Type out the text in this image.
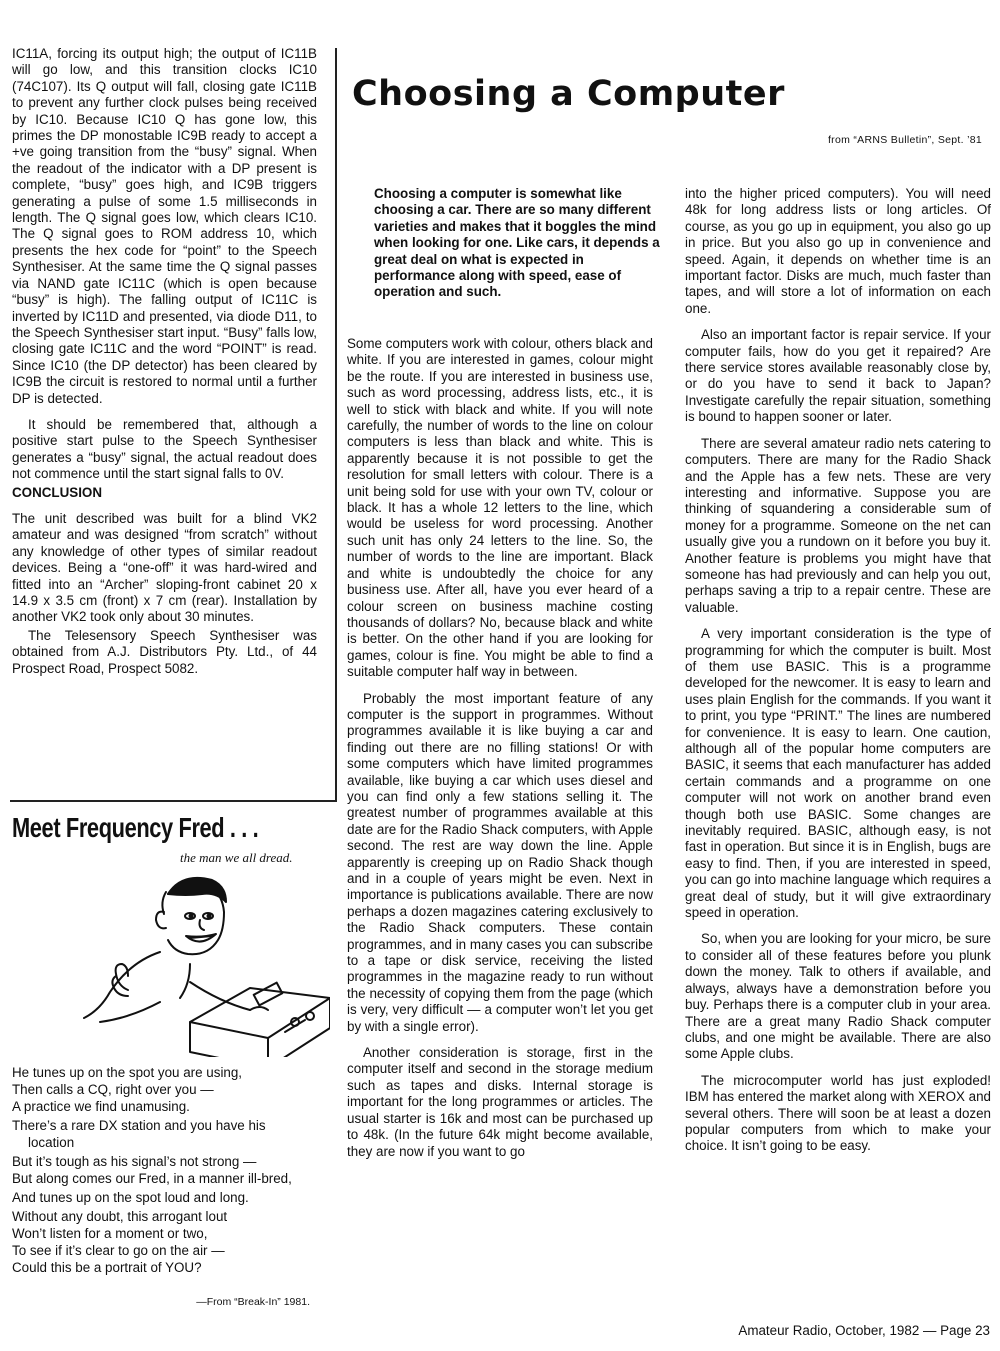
IC11A, forcing its output high; the output of IC11B will go low, and this transition clocks IC10 (74C107). Its Q output will fall, closing gate IC11B to prevent any further clock pulses being received by IC10. Because IC10 Q has gone low, this primes the DP monostable IC9B ready to accept a +ve going transition from the “busy” signal. When the readout of the indicator with a DP present is complete, “busy” goes high, and IC9B triggers generating a pulse of some 1.5 milliseconds in length. The Q signal goes low, which clears IC10. The Q signal goes to ROM address 10, which presents the hex code for “point” to the Speech Synthesiser. At the same time the Q signal passes via NAND gate IC11C (which is open because “busy” is high). The falling output of IC11C is inverted by IC11D and presented, via diode D11, to the Speech Synthesiser start input. “Busy” falls low, closing gate IC11C and the word “POINT” is read. Since IC10 (the DP detector) has been cleared by IC9B the circuit is restored to normal until a further DP is detected.

It should be remembered that, although a positive start pulse to the Speech Synthesiser generates a “busy” signal, the actual readout does not commence until the start signal falls to 0V.

CONCLUSION

The unit described was built for a blind VK2 amateur and was designed “from scratch” without any knowledge of other types of similar readout devices. Being a “one-off” it was hard-wired and fitted into an “Archer” sloping-front cabinet 20 x 14.9 x 3.5 cm (front) x 7 cm (rear). Installation by another VK2 took only about 30 minutes.

The Telesensory Speech Synthesiser was obtained from A.J. Distributors Pty. Ltd., of 44 Prospect Road, Prospect 5082.

Meet Frequency Fred . . .
the man we all dread.
He tunes up on the spot you are using,
Then calls a CQ, right over you —
A practice we find unamusing.
There’s a rare DX station and you have his location
But it’s tough as his signal’s not strong —
But along comes our Fred, in a manner ill-bred,
And tunes up on the spot loud and long.
Without any doubt, this arrogant lout
Won’t listen for a moment or two,
To see if it’s clear to go on the air —
Could this be a portrait of YOU?
—From “Break-In” 1981.
Choosing a Computer
from “ARNS Bulletin”, Sept. ’81
Choosing a computer is somewhat like choosing a car. There are so many different varieties and makes that it boggles the mind when looking for one. Like cars, it depends a great deal on what is expected in performance along with speed, ease of operation and such.

Some computers work with colour, others black and white. If you are interested in games, colour might be the route. If you are interested in business use, such as word processing, address lists, etc., it is well to stick with black and white. If you will note carefully, the number of words to the line on colour computers is less than black and white. This is apparently because it is not possible to get the resolution for small letters with colour. There is a unit being sold for use with your own TV, colour or black. It has a whole 12 letters to the line, which would be useless for word processing. Another such unit has only 24 letters to the line. So, the number of words to the line are important. Black and white is undoubtedly the choice for any business use. After all, have you ever heard of a colour screen on business machine costing thousands of dollars? No, because black and white is better. On the other hand if you are looking for games, colour is fine. You might be able to find a suitable computer half way in between.

Probably the most important feature of any computer is the support in programmes. Without programmes available it is like buying a car and finding out there are no filling stations! Or with some computers which have limited programmes available, like buying a car which uses diesel and you can find only a few stations selling it. The greatest number of programmes available at this date are for the Radio Shack computers, with Apple second. The rest are way down the line. Apple apparently is creeping up on Radio Shack though and in a couple of years might be even. Next in importance is publications available. There are now perhaps a dozen magazines catering exclusively to the Radio Shack computers. These contain programmes, and in many cases you can subscribe to a tape or disk service, receiving the listed programmes in the magazine ready to run without the necessity of copying them from the page (which is very, very difficult — a computer won’t let you get by with a single error).

Another consideration is storage, first in the computer itself and second in the storage medium such as tapes and disks. Internal storage is important for the long programmes or articles. The usual starter is 16k and most can be purchased up to 48k. (In the future 64k might become available, they are now if you want to go

into the higher priced computers). You will need 48k for long address lists or long articles. Of course, as you go up in equipment, you also go up in price. But you also go up in convenience and speed. Again, it depends on whether time is an important factor. Disks are much, much faster than tapes, and will store a lot of information on each one.

Also an important factor is repair service. If your computer fails, how do you get it repaired? Are there service stores available reasonably close by, or do you have to send it back to Japan? Investigate carefully the repair situation, something is bound to happen sooner or later.

There are several amateur radio nets catering to computers. There are many for the Radio Shack and the Apple has a few nets. These are very interesting and informative. Suppose you are thinking of squandering a considerable sum of money for a programme. Someone on the net can usually give you a rundown on it before you buy it. Another feature is problems you might have that someone has had previously and can help you out, perhaps saving a trip to a repair centre. These are valuable.

A very important consideration is the type of programming for which the computer is built. Most of them use BASIC. This is a programme developed for the newcomer. It is easy to learn and uses plain English for the commands. If you want it to print, you type “PRINT.” The lines are numbered for convenience. It is easy to learn. One caution, although all of the popular home computers are BASIC, it seems that each manufacturer has added certain commands and a programme on one computer will not work on another brand even though both use BASIC. Some changes are inevitably required. BASIC, although easy, is not fast in operation. But since it is in English, bugs are easy to find. Then, if you are interested in speed, you can go into machine language which requires a great deal of study, but it will give extraordinary speed in operation.

So, when you are looking for your micro, be sure to consider all of these features before you plunk down the money. Talk to others if available, and always, always have a demonstration before you buy. Perhaps there is a computer club in your area. There are a great many Radio Shack computer clubs, and one might be available. There are also some Apple clubs.

The microcomputer world has just exploded! IBM has entered the market along with XEROX and several others. There will soon be at least a dozen popular computers from which to make your choice. It isn’t going to be easy.

Amateur Radio, October, 1982 — Page 23
